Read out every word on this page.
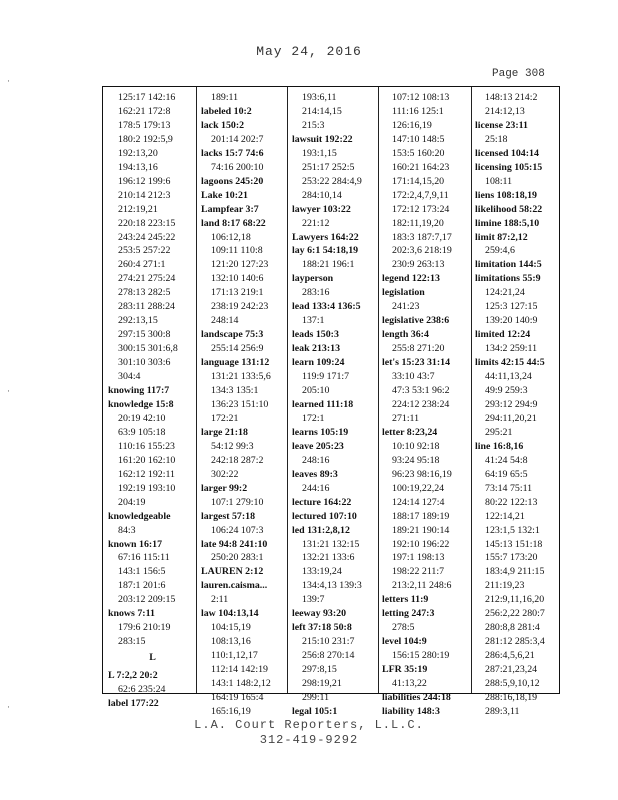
May 24, 2016
Page 308
·
·
·
125:17 142:16
162:21 172:8
178:5 179:13
180:2 192:5,9
192:13,20
194:13,16
196:12 199:6
210:14 212:3
212:19,21
220:18 223:15
243:24 245:22
253:5 257:22
260:4 271:1
274:21 275:24
278:13 282:5
283:11 288:24
292:13,15
297:15 300:8
300:15 301:6,8
301:10 303:6
304:4
knowing 117:7
knowledge 15:8
20:19 42:10
63:9 105:18
110:16 155:23
161:20 162:10
162:12 192:11
192:19 193:10
204:19
knowledgeable
84:3
known 16:17
67:16 115:11
143:1 156:5
187:1 201:6
203:12 209:15
knows 7:11
179:6 210:19
283:15
L
L 7:2,2 20:2
62:6 235:24
label 177:22
189:11
labeled 10:2
lack 150:2
201:14 202:7
lacks 15:7 74:6
74:16 200:10
lagoons 245:20
Lake 10:21
Lampfear 3:7
land 8:17 68:22
106:12,18
109:11 110:8
121:20 127:23
132:10 140:6
171:13 219:1
238:19 242:23
248:14
landscape 75:3
255:14 256:9
language 131:12
131:21 133:5,6
134:3 135:1
136:23 151:10
172:21
large 21:18
54:12 99:3
242:18 287:2
302:22
larger 99:2
107:1 279:10
largest 57:18
106:24 107:3
late 94:8 241:10
250:20 283:1
LAUREN 2:12
lauren.caisma...
2:11
law 104:13,14
104:15,19
108:13,16
110:1,12,17
112:14 142:19
143:1 148:2,12
164:19 165:4
165:16,19
193:6,11
214:14,15
215:3
lawsuit 192:22
193:1,15
251:17 252:5
253:22 284:4,9
284:10,14
lawyer 103:22
221:12
Lawyers 164:22
lay 6:1 54:18,19
188:21 196:1
layperson
283:16
lead 133:4 136:5
137:1
leads 150:3
leak 213:13
learn 109:24
119:9 171:7
205:10
learned 111:18
172:1
learns 105:19
leave 205:23
248:16
leaves 89:3
244:16
lecture 164:22
lectured 107:10
led 131:2,8,12
131:21 132:15
132:21 133:6
133:19,24
134:4,13 139:3
139:7
leeway 93:20
left 37:18 50:8
215:10 231:7
256:8 270:14
297:8,15
298:19,21
299:11
legal 105:1
107:12 108:13
111:16 125:1
126:16,19
147:10 148:5
153:5 160:20
160:21 164:23
171:14,15,20
172:2,4,7,9,11
172:12 173:24
182:11,19,20
183:3 187:7,17
202:3,6 218:19
230:9 263:13
legend 122:13
legislation
241:23
legislative 238:6
length 36:4
255:8 271:20
let's 15:23 31:14
33:10 43:7
47:3 53:1 96:2
224:12 238:24
271:11
letter 8:23,24
10:10 92:18
93:24 95:18
96:23 98:16,19
100:19,22,24
124:14 127:4
188:17 189:19
189:21 190:14
192:10 196:22
197:1 198:13
198:22 211:7
213:2,11 248:6
letters 11:9
letting 247:3
278:5
level 104:9
156:15 280:19
LFR 35:19
41:13,22
liabilities 244:18
liability 148:3
148:13 214:2
214:12,13
license 23:11
25:18
licensed 104:14
licensing 105:15
108:11
liens 108:18,19
likelihood 58:22
limine 188:5,10
limit 87:2,12
259:4,6
limitation 144:5
limitations 55:9
124:21,24
125:3 127:15
139:20 140:9
limited 12:24
134:2 259:11
limits 42:15 44:5
44:11,13,24
49:9 259:3
293:12 294:9
294:11,20,21
295:21
line 16:8,16
41:24 54:8
64:19 65:5
73:14 75:11
80:22 122:13
122:14,21
123:1,5 132:1
145:13 151:18
155:7 173:20
183:4,9 211:15
211:19,23
212:9,11,16,20
256:2,22 280:7
280:8,8 281:4
281:12 285:3,4
286:4,5,6,21
287:21,23,24
288:5,9,10,12
288:16,18,19
289:3,11
L.A. Court Reporters, L.L.C.
312-419-9292
